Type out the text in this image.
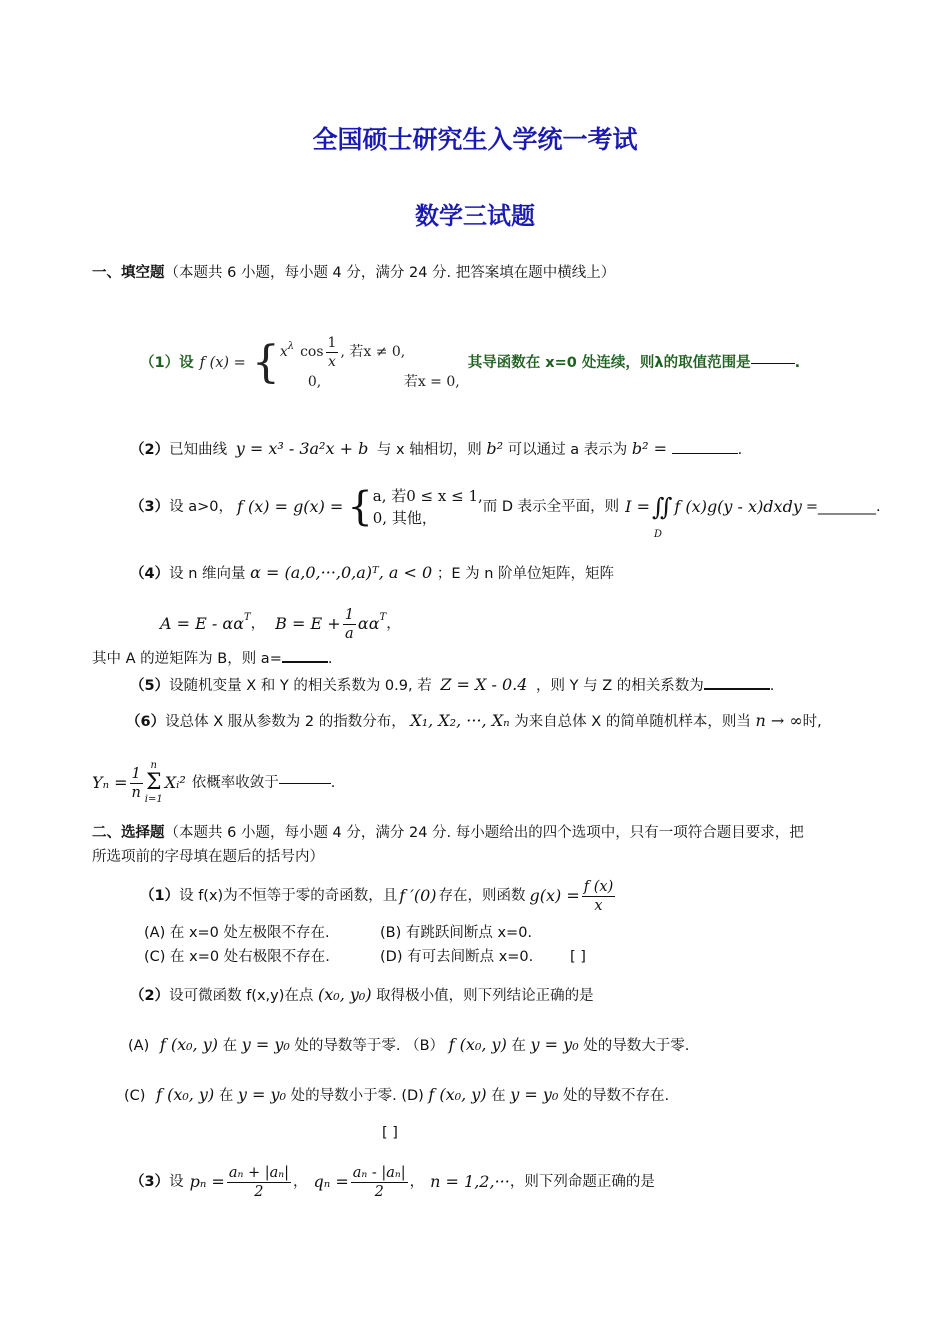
全国硕士研究生入学统一考试
数学三试题
一、填空题（本题共 6 小题，每小题 4 分，满分 24 分. 把答案填在题中横线上）
（1）设 f (x) = { $x^\lambda$ $\cos \frac{1}{x}$ , 若x ≠ 0,
0,	若x = 0,
其导函数在 x=0 处连续，则λ的取值范围是	.
（2）已知曲线 y = x³ - 3a²x + b 与 x 轴相切，则 b² 可以通过 a 表示为 b² =	.
（3） 设 a>0， f (x) = g(x) = { a, 若0 ≤ x ≤ 1,
0, 其他，
而 D 表示全平面，则 I = ∬
D
f (x)g(y - x)dxdy =________.
（4）设 n 维向量 α = (a,0,···,0,a)ᵀ, a < 0 ；E 为 n 阶单位矩阵，矩阵
$A = E - \alpha\alpha^T$ ， $B = E + \frac{1}{a} \alpha\alpha^T$ ，
其中 A 的逆矩阵为 B，则 a=	.
（5）设随机变量 X 和 Y 的相关系数为 0.9, 若 Z = X - 0.4 ，则 Y 与 Z 的相关系数为	.
（6）设总体 X 服从参数为 2 的指数分布， X₁, X₂, ···, Xₙ 为来自总体 X 的简单随机样本，则当 n → ∞时,
$Y_n = \frac{1}{n}$ n
Σ
i=1
Xᵢ² 依概率收敛于	.
二、选择题（本题共 6 小题，每小题 4 分，满分 24 分. 每小题给出的四个选项中，只有一项符合题目要求，把
所选项前的字母填在题后的括号内）
（1） 设 f(x)为不恒等于零的奇函数，且 f ′(0) 存在，则函数 $g(x) = \frac{f (x)}{x}$
(A) 在 x=0 处左极限不存在.	(B) 有跳跃间断点 x=0.
(C) 在 x=0 处右极限不存在.	(D) 有可去间断点 x=0.	[ ]
（2）设可微函数 f(x,y)在点 (x₀, y₀) 取得极小值，则下列结论正确的是
(A) f (x₀, y) 在 y = y₀ 处的导数等于零. （B） f (x₀, y) 在 y = y₀ 处的导数大于零.
(C) f (x₀, y) 在 y = y₀ 处的导数小于零. (D) f (x₀, y) 在 y = y₀ 处的导数不存在.
[ ]
（3） 设 $p_n = \frac{\text{aₙ + |aₙ|}}{2}$ ， $q_n = \frac{\text{aₙ - |aₙ|}}{2}$ ， n = 1,2,··· ，则下列命题正确的是
